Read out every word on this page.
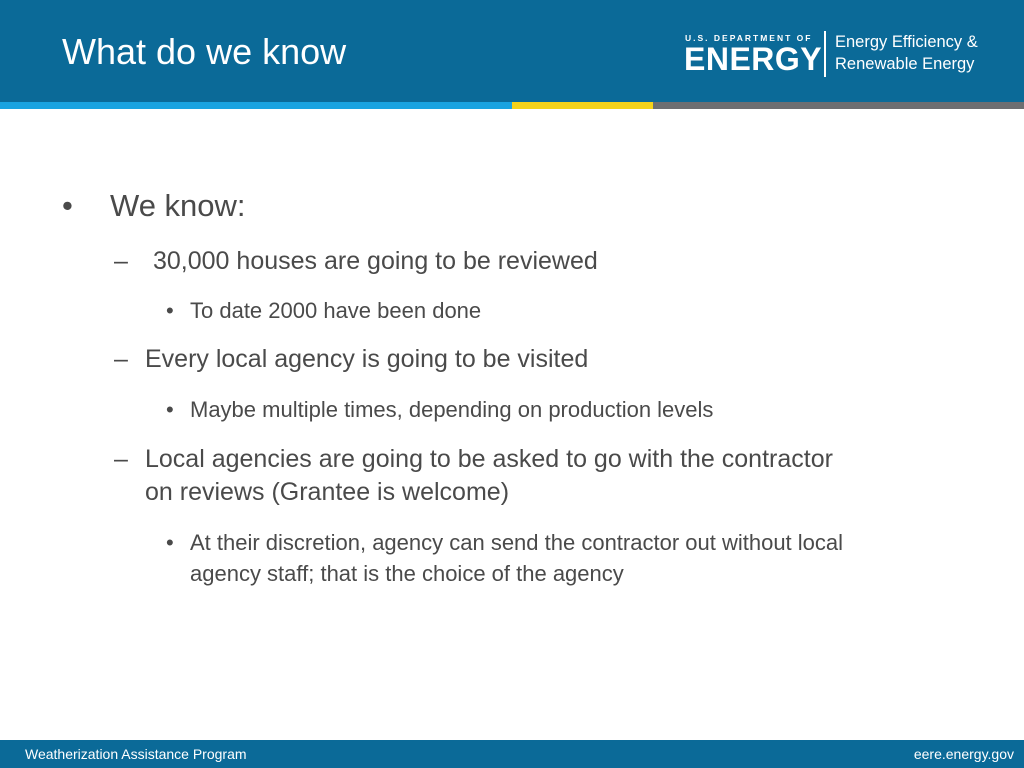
What do we know	U.S. DEPARTMENT OF
ENERGY Energy Efficiency &
Renewable Energy
• We know:
– 30,000 houses are going to be reviewed
• To date 2000 have been done
– Every local agency is going to be visited
• Maybe multiple times, depending on production levels
– Local agencies are going to be asked to go with the contractor
on reviews (Grantee is welcome)
• At their discretion, agency can send the contractor out without local
agency staff; that is the choice of the agency
Weatherization Assistance Program	eere.energy.gov
